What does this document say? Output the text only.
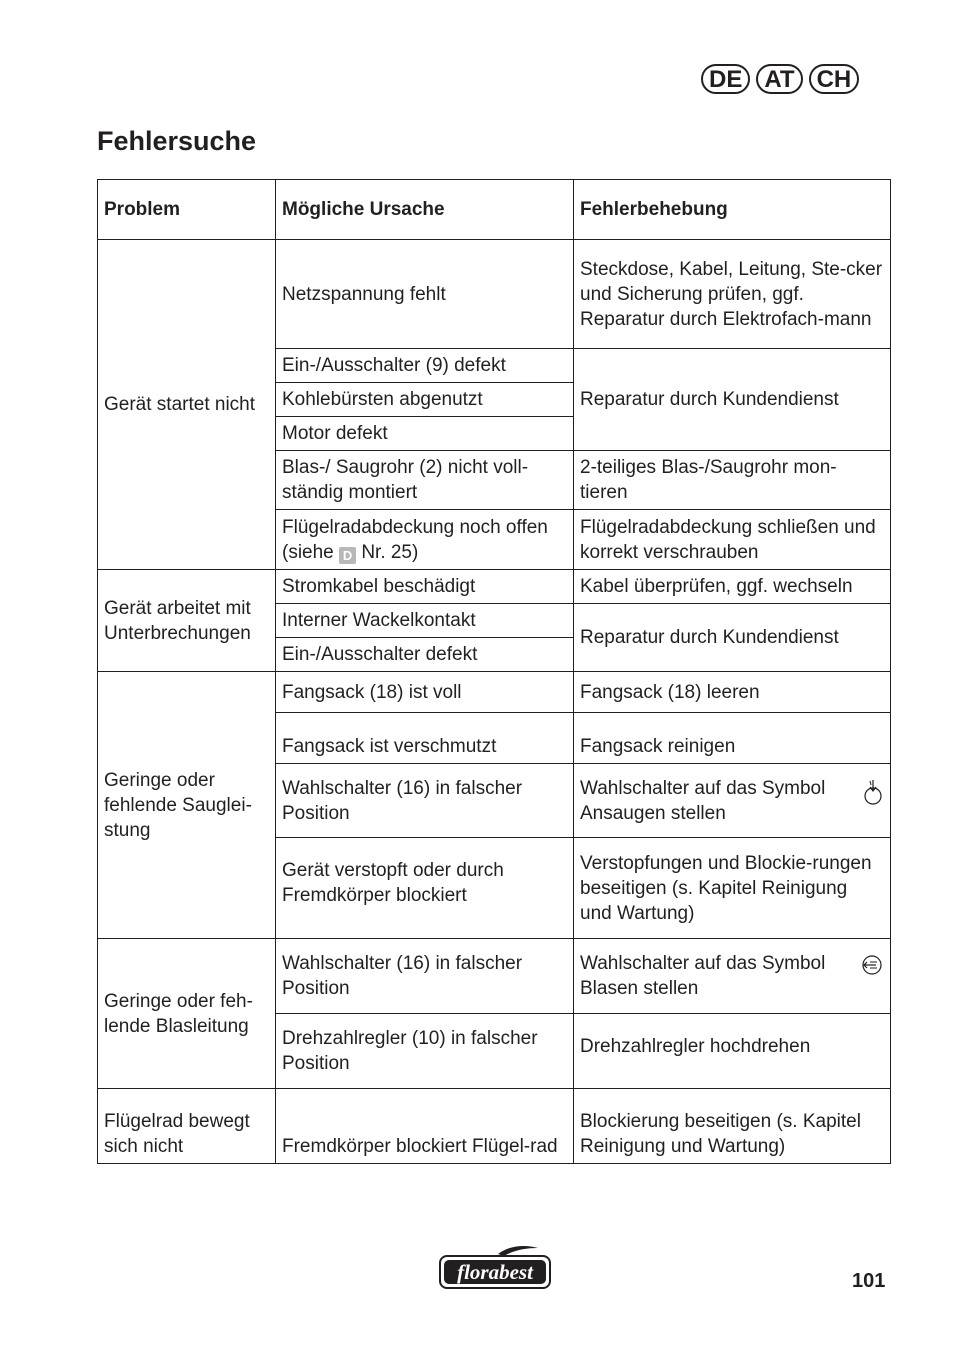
DE AT CH
Fehlersuche
Problem	Mögliche Ursache	Fehlerbehebung
Gerät startet nicht	Netzspannung fehlt	Steckdose, Kabel, Leitung, Ste-cker und Sicherung prüfen, ggf. Reparatur durch Elektrofach-mann
	Ein-/Ausschalter (9) defekt	Reparatur durch Kundendienst
	Kohlebürsten abgenutzt	
	Motor defekt	
	Blas-/ Saugrohr (2) nicht voll-ständig montiert	2-teiliges Blas-/Saugrohr mon-tieren
	Flügelradabdeckung noch offen (siehe D Nr. 25)	Flügelradabdeckung schließen und korrekt verschrauben
Gerät arbeitet mit Unterbrechungen	Stromkabel beschädigt	Kabel überprüfen, ggf. wechseln
	Interner Wackelkontakt	Reparatur durch Kundendienst
	Ein-/Ausschalter defekt	
Geringe oder fehlende Sauglei-stung	Fangsack (18) ist voll	Fangsack (18) leeren
	Fangsack ist verschmutzt	Fangsack reinigen
	Wahlschalter (16) in falscher Position	Wahlschalter auf das Symbol Ansaugen stellen
	Gerät verstopft oder durch Fremdkörper blockiert	Verstopfungen und Blockie-rungen beseitigen (s. Kapitel Reinigung und Wartung)
Geringe oder feh-lende Blasleitung	Wahlschalter (16) in falscher Position	Wahlschalter auf das Symbol Blasen stellen
	Drehzahlregler (10) in falscher Position	Drehzahlregler hochdrehen
Flügelrad bewegt sich nicht	Fremdkörper blockiert Flügel-rad	Blockierung beseitigen (s. Kapitel Reinigung und Wartung)
florabest	101
